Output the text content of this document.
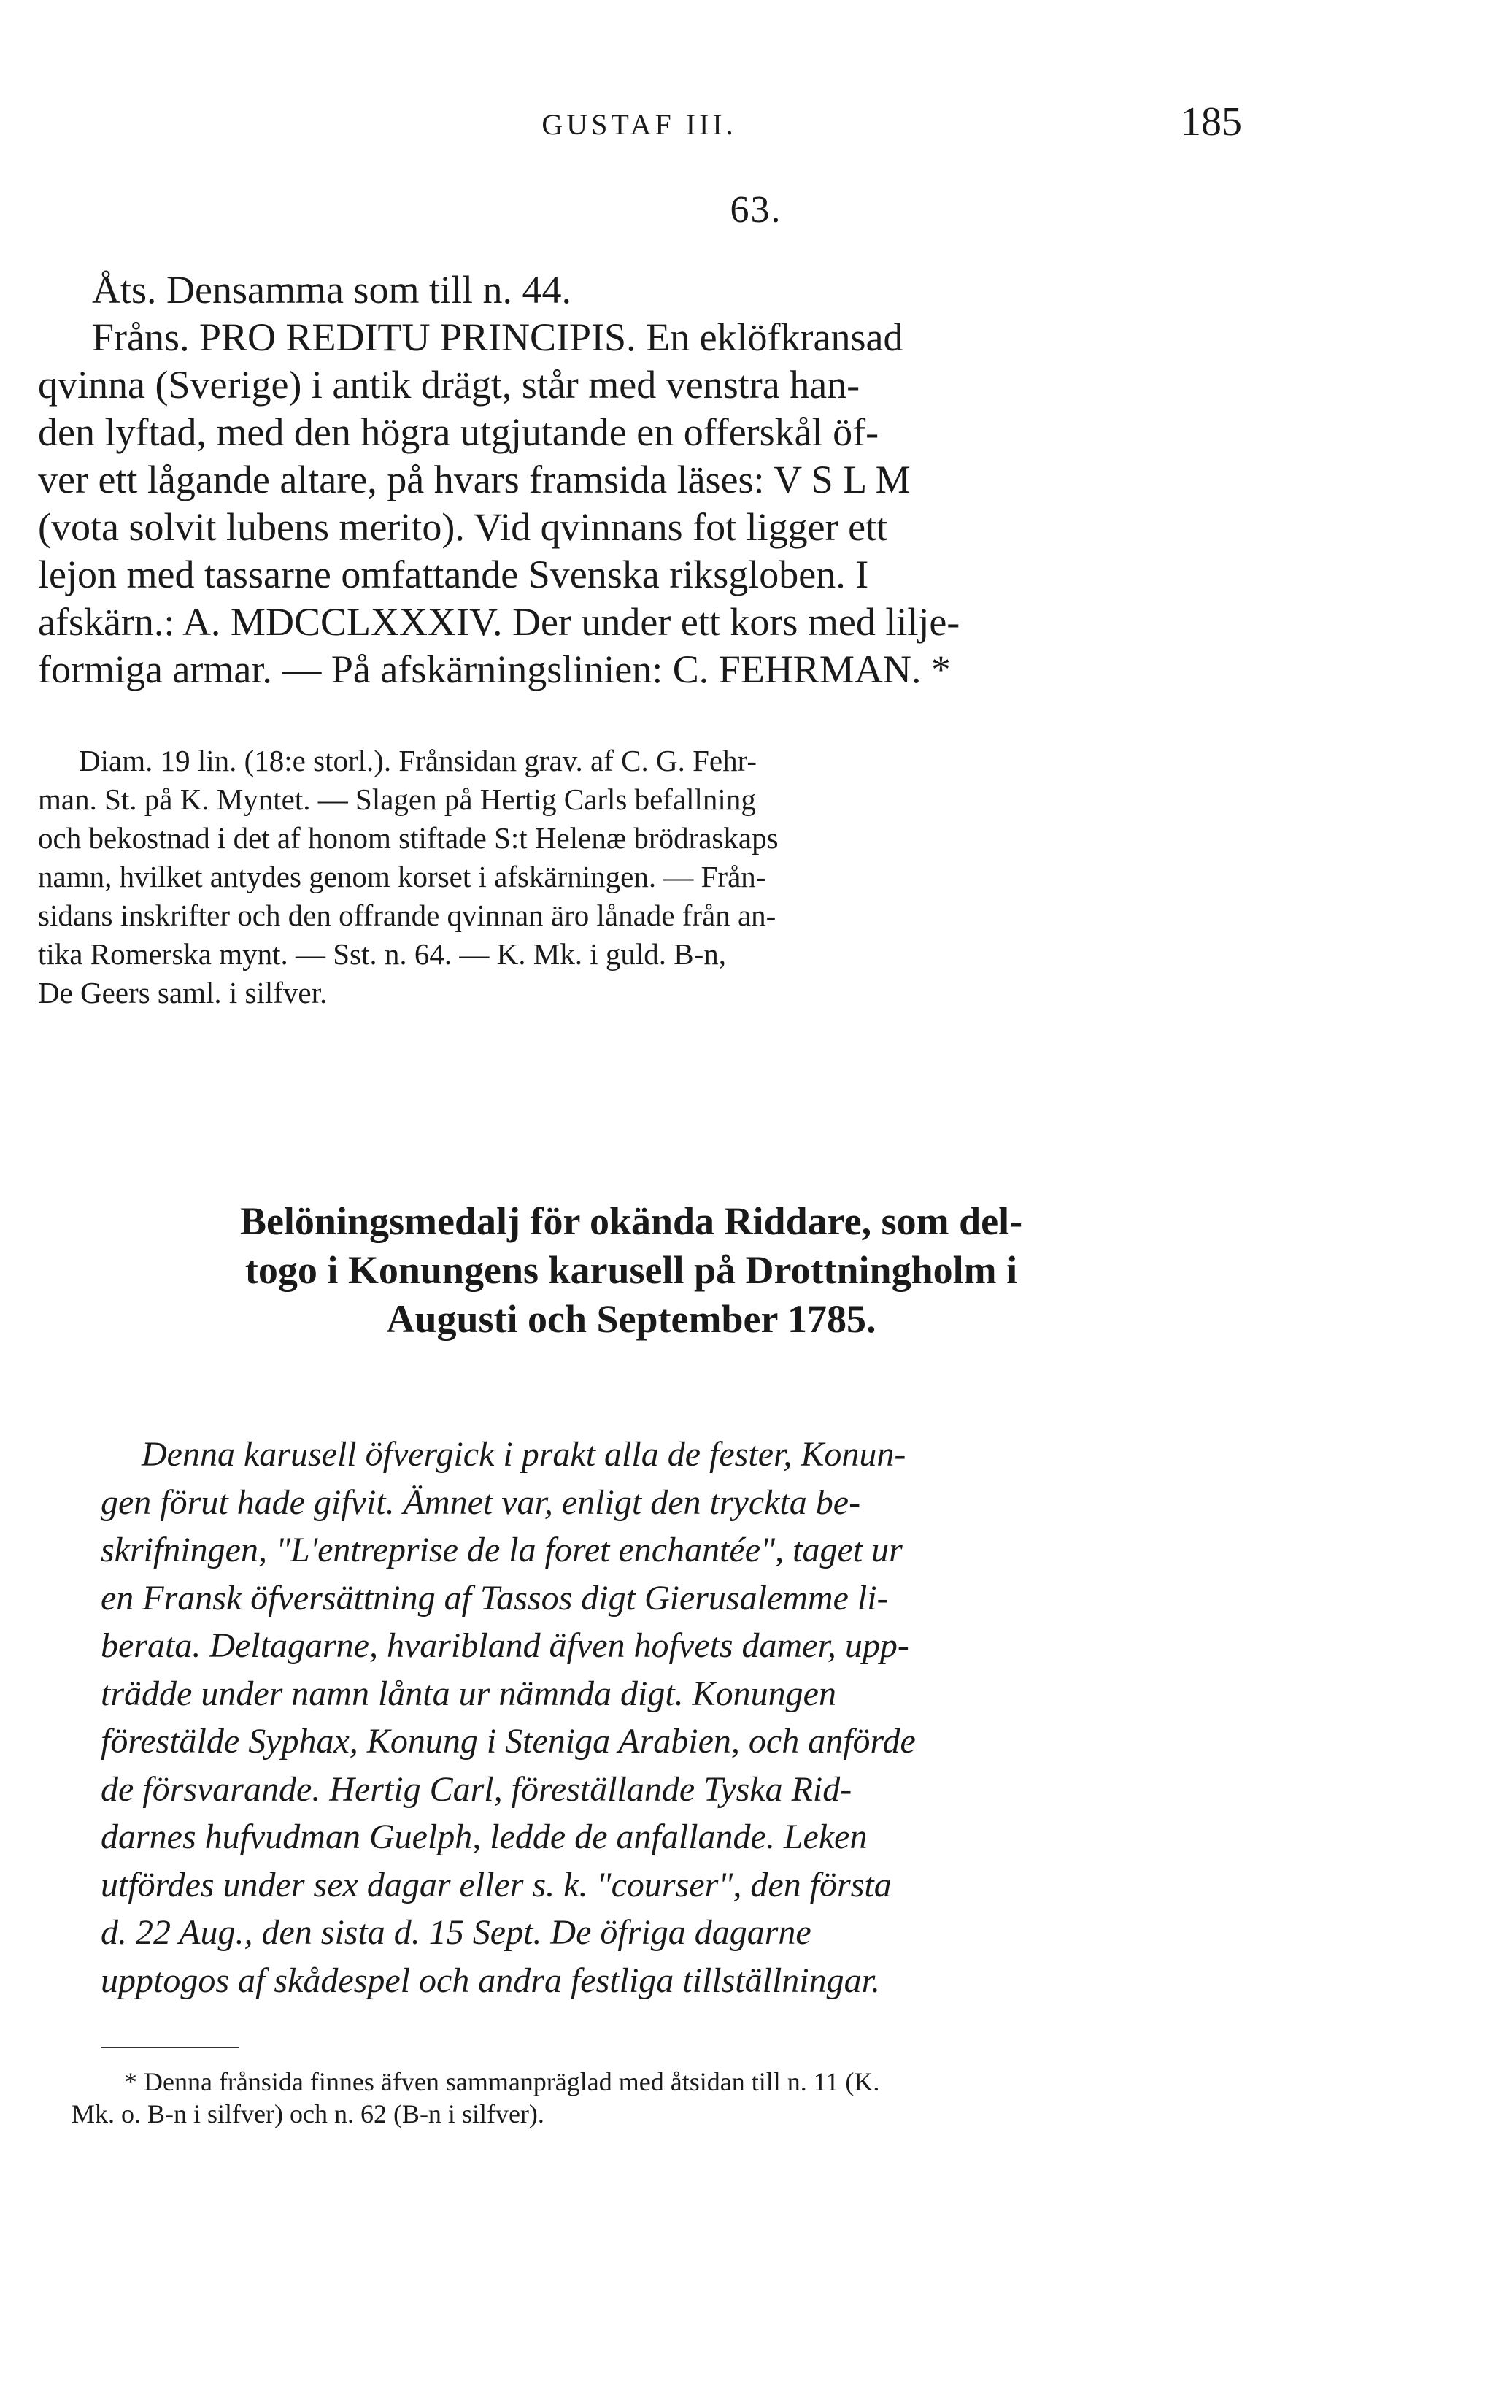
GUSTAF III.	185
63.
Åts. Densamma som till n. 44.
Fråns. PRO REDITU PRINCIPIS. En eklöfkransad
qvinna (Sverige) i antik drägt, står med venstra han-
den lyftad, med den högra utgjutande en offerskål öf-
ver ett lågande altare, på hvars framsida läses: V S L M
(vota solvit lubens merito). Vid qvinnans fot ligger ett
lejon med tassarne omfattande Svenska riksgloben. I
afskärn.: A. MDCCLXXXIV. Der under ett kors med lilje-
formiga armar. — På afskärningslinien: C. FEHRMAN. *
Diam. 19 lin. (18:e storl.). Frånsidan grav. af C. G. Fehr-
man. St. på K. Myntet. — Slagen på Hertig Carls befallning
och bekostnad i det af honom stiftade S:t Helenæ brödraskaps
namn, hvilket antydes genom korset i afskärningen. — Från-
sidans inskrifter och den offrande qvinnan äro lånade från an-
tika Romerska mynt. — Sst. n. 64. — K. Mk. i guld. B-n,
De Geers saml. i silfver.
Belöningsmedalj för okända Riddare, som del-
togo i Konungens karusell på Drottningholm i
Augusti och September 1785.
Denna karusell öfvergick i prakt alla de fester, Konun-
gen förut hade gifvit. Ämnet var, enligt den tryckta be-
skrifningen, "L'entreprise de la foret enchantée", taget ur
en Fransk öfversättning af Tassos digt Gierusalemme li-
berata. Deltagarne, hvaribland äfven hofvets damer, upp-
trädde under namn lånta ur nämnda digt. Konungen
förestälde Syphax, Konung i Steniga Arabien, och anförde
de försvarande. Hertig Carl, föreställande Tyska Rid-
darnes hufvudman Guelph, ledde de anfallande. Leken
utfördes under sex dagar eller s. k. "courser", den första
d. 22 Aug., den sista d. 15 Sept. De öfriga dagarne
upptogos af skådespel och andra festliga tillställningar.
* Denna frånsida finnes äfven sammanpräglad med åtsidan till n. 11 (K.
Mk. o. B-n i silfver) och n. 62 (B-n i silfver).
